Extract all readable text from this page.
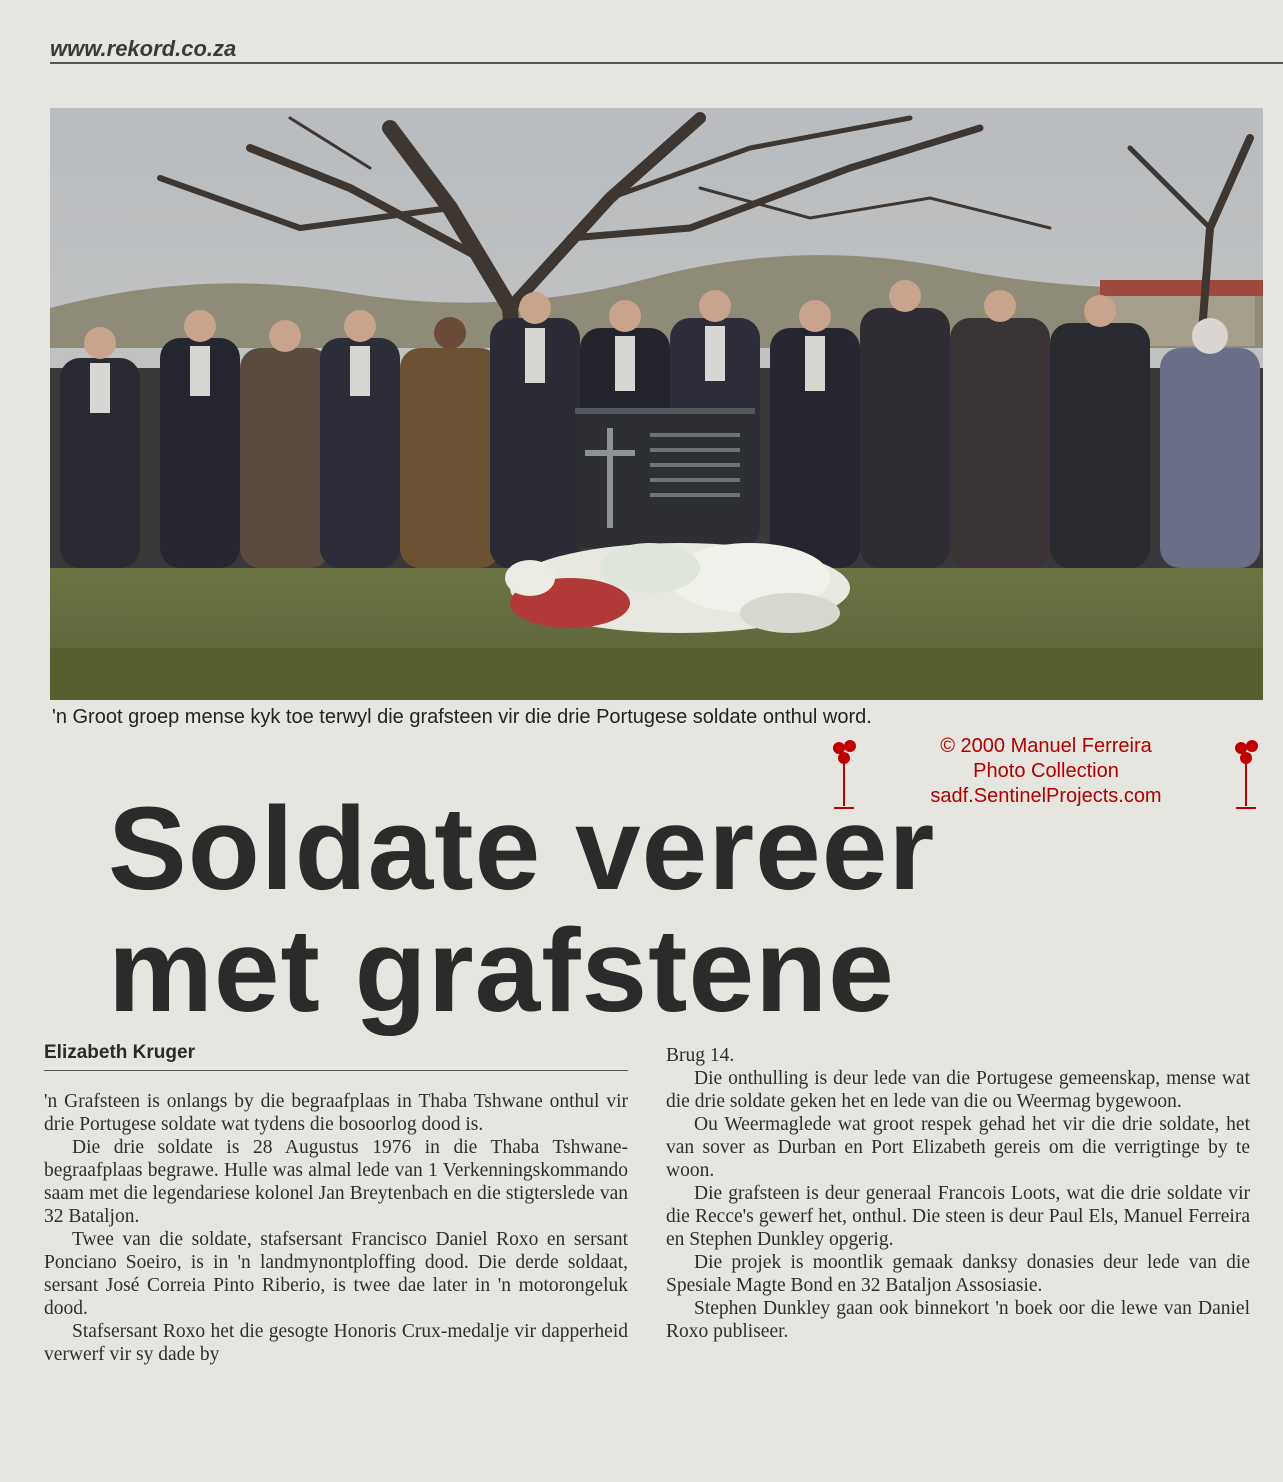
www.rekord.co.za
'n Groot groep mense kyk toe terwyl die grafsteen vir die drie Portugese soldate onthul word.
© 2000 Manuel Ferreira
Photo Collection
sadf.SentinelProjects.com
Soldate vereer
met grafstene
Elizabeth Kruger

'n Grafsteen is onlangs by die begraafplaas in Thaba Tshwane onthul vir drie Portugese soldate wat tydens die bosoorlog dood is.

Die drie soldate is 28 Augustus 1976 in die Thaba Tshwane-begraafplaas begrawe. Hulle was almal lede van 1 Verkenningskommando saam met die legendariese kolonel Jan Breytenbach en die stigterslede van 32 Bataljon.

Twee van die soldate, stafsersant Francisco Daniel Roxo en sersant Ponciano Soeiro, is in 'n landmynontploffing dood. Die derde soldaat, sersant José Correia Pinto Riberio, is twee dae later in 'n motorongeluk dood.

Stafsersant Roxo het die gesogte Honoris Crux-medalje vir dapperheid verwerf vir sy dade by

Brug 14.

Die onthulling is deur lede van die Portugese gemeenskap, mense wat die drie soldate geken het en lede van die ou Weermag bygewoon.

Ou Weermaglede wat groot respek gehad het vir die drie soldate, het van sover as Durban en Port Elizabeth gereis om die verrigtinge by te woon.

Die grafsteen is deur generaal Francois Loots, wat die drie soldate vir die Recce's gewerf het, onthul. Die steen is deur Paul Els, Manuel Ferreira en Stephen Dunkley opgerig.

Die projek is moontlik gemaak danksy donasies deur lede van die Spesiale Magte Bond en 32 Bataljon Assosiasie.

Stephen Dunkley gaan ook binnekort 'n boek oor die lewe van Daniel Roxo publiseer.
